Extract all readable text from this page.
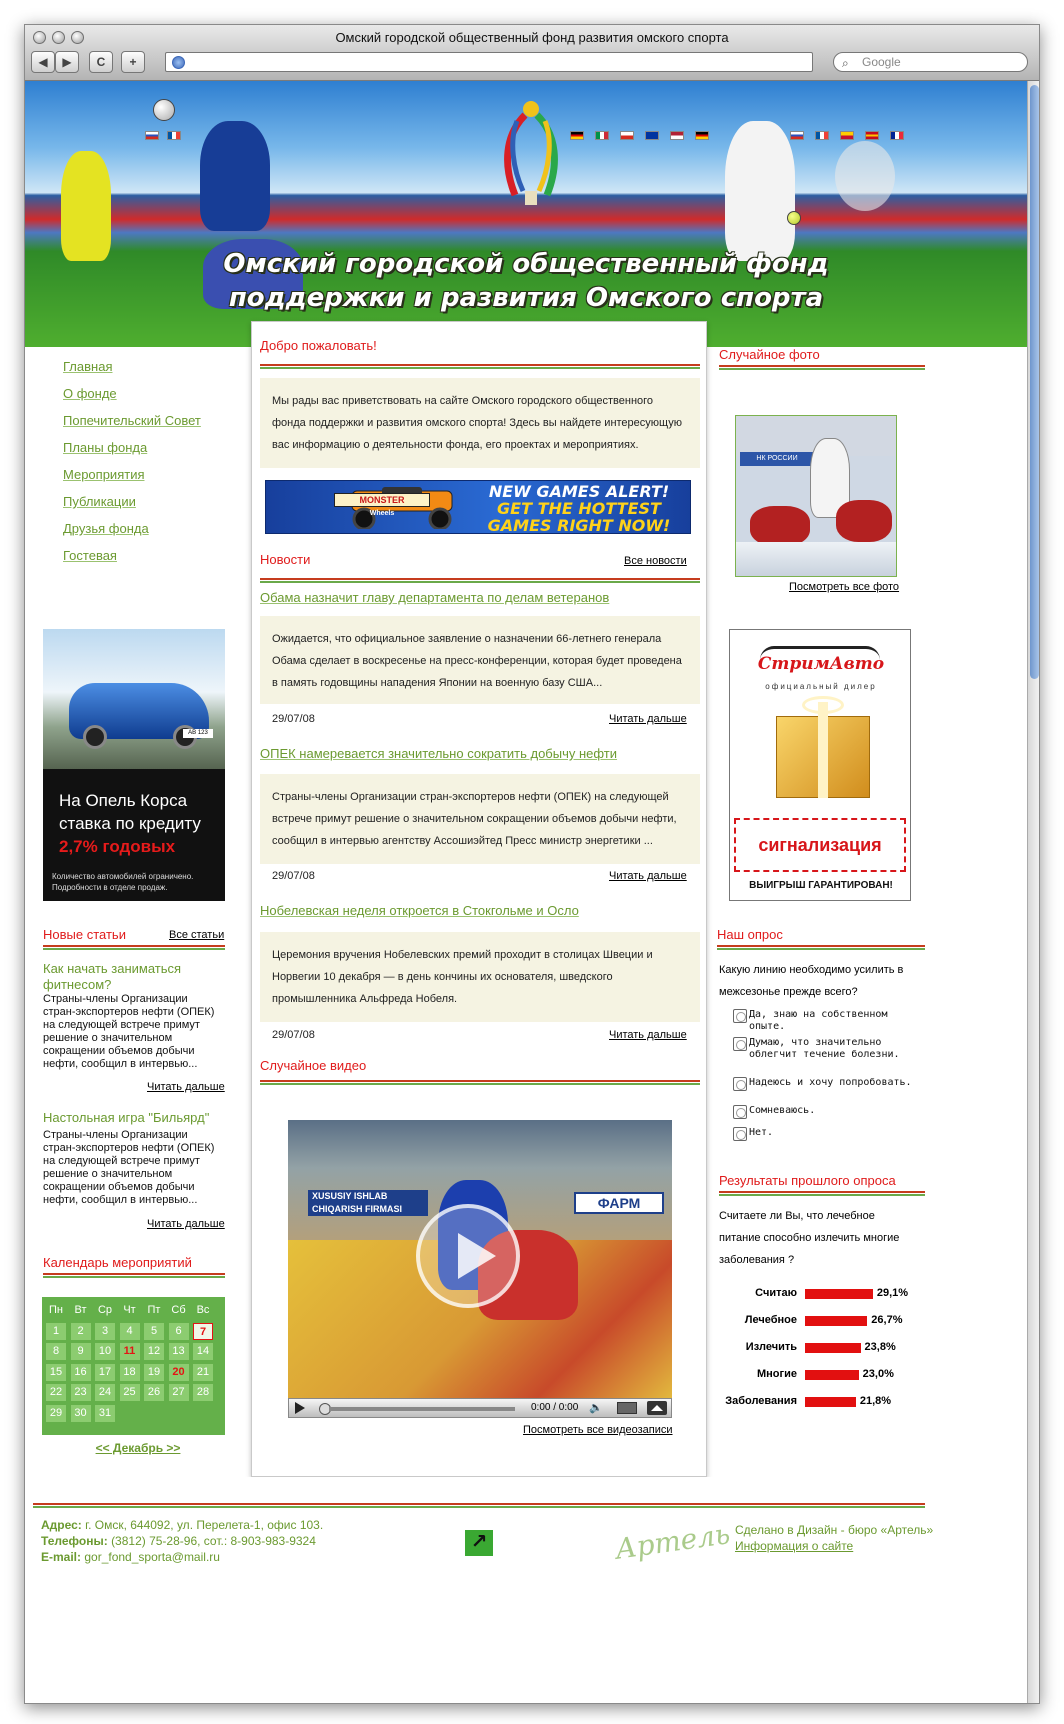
Омский городской общественный фонд развития омского спорта
◀	▶	C	+	⌕ Google
Омский городской общественный фонд
поддержки и развития Омского спорта
Главная
О фонде
Попечительский Совет
Планы фонда
Мероприятия
Публикации
Друзья фонда
Гостевая
AB 123
На Опель Корса
ставка по кредиту
2,7% годовых
Количество автомобилей ограничено.
Подробности в отделе продаж.
Новые статьи	Все статьи
Как начать заниматься фитнесом?
Страны-члены Организации стран-экспортеров нефти (ОПЕК) на следующей встрече примут решение о значительном сокращении объемов добычи нефти, сообщил в интервью...
Читать дальше
Настольная игра "Бильярд"
Страны-члены Организации стран-экспортеров нефти (ОПЕК) на следующей встрече примут решение о значительном сокращении объемов добычи нефти, сообщил в интервью...
Читать дальше
Календарь мероприятий
Пн	Вт	Ср	Чт	Пт Сб Вс
1	2	3	4	5	6	7
8	9	10	11	12	13	14
15	16	17	18	19	20	21
22	23	24	25	26	27	28
29	30	31
<< Декабрь >>
Добро пожаловать!
Мы рады вас приветствовать на сайте Омского городского общественного фонда поддержки и развития омского спорта! Здесь вы найдете интересующую вас информацию о деятельности фонда, его проектах и мероприятиях.
MONSTER
Wheels
NEW GAMES ALERT!
GET THE HOTTEST
GAMES RIGHT NOW!
Новости	Все новости
Обама назначит главу департамента по делам ветеранов
Ожидается, что официальное заявление о назначении 66-летнего генерала Обама сделает в воскресенье на пресс-конференции, которая будет проведена в память годовщины нападения Японии на военную базу США...
29/07/08	Читать дальше
ОПЕК намеревается значительно сократить добычу нефти
Страны-члены Организации стран-экспортеров нефти (ОПЕК) на следующей встрече примут решение о значительном сокращении объемов добычи нефти, сообщил в интервью агентству Ассошиэйтед Пресс министр энергетики ...
29/07/08	Читать дальше
Нобелевская неделя откроется в Стокгольме и Осло
Церемония вручения Нобелевских премий проходит в столицах Швеции и Норвегии 10 декабря — в день кончины их основателя, шведского промышленника Альфреда Нобеля.
29/07/08	Читать дальше
Случайное видео
XUSUSIY ISHLAB
CHIQARISH FIRMASI	ФАРМ
0:00 / 0:00 🔈
Посмотреть все видеозаписи
Случайное фото
НК РОССИИ
Посмотреть все фото
СтримАвто
официальный дилер
сигнализация
ВЫИГРЫШ ГАРАНТИРОВАН!
Наш опрос
Какую линию необходимо усилить в межсезонье прежде всего?
Да, знаю на собственном опыте.
Думаю, что значительно облегчит течение болезни.
Надеюсь и хочу попробовать.
Сомневаюсь.
Нет.
Результаты прошлого опроса
Считаете ли Вы, что лечебное питание способно излечить многие заболевания ?
Считаю	29,1%
Лечебное	26,7%
Излечить	23,8%
Многие	23,0%
Заболевания	21,8%
Адрес: г. Омск, 644092, ул. Перелета-1, офис 103.
Телефоны: (3812) 75-28-96, сот.: 8-903-983-9324
E-mail: gor_fond_sporta@mail.ru
↗	Артель Сделано в Дизайн - бюро «Артель»
Информация о сайте
